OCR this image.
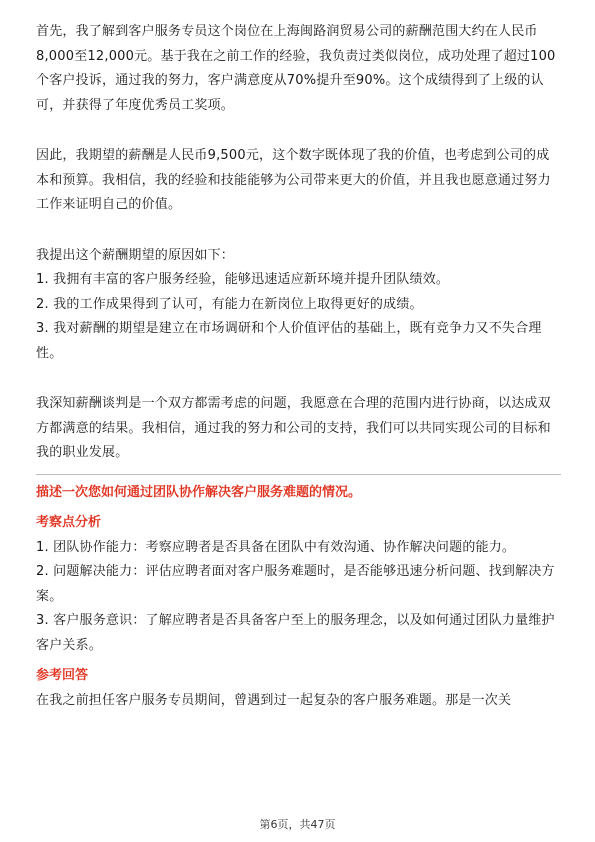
首先，我了解到客户服务专员这个岗位在上海闽路润贸易公司的薪酬范围大约在人民币8,000至12,000元。基于我在之前工作的经验，我负责过类似岗位，成功处理了超过100个客户投诉，通过我的努力，客户满意度从70%提升至90%。这个成绩得到了上级的认可，并获得了年度优秀员工奖项。

因此，我期望的薪酬是人民币9,500元，这个数字既体现了我的价值，也考虑到公司的成本和预算。我相信，我的经验和技能能够为公司带来更大的价值，并且我也愿意通过努力工作来证明自己的价值。

我提出这个薪酬期望的原因如下：

1. 我拥有丰富的客户服务经验，能够迅速适应新环境并提升团队绩效。

2. 我的工作成果得到了认可，有能力在新岗位上取得更好的成绩。

3. 我对薪酬的期望是建立在市场调研和个人价值评估的基础上，既有竞争力又不失合理性。

我深知薪酬谈判是一个双方都需考虑的问题，我愿意在合理的范围内进行协商，以达成双方都满意的结果。我相信，通过我的努力和公司的支持，我们可以共同实现公司的目标和我的职业发展。

描述一次您如何通过团队协作解决客户服务难题的情况。

考察点分析

1. 团队协作能力：考察应聘者是否具备在团队中有效沟通、协作解决问题的能力。

2. 问题解决能力：评估应聘者面对客户服务难题时，是否能够迅速分析问题、找到解决方案。

3. 客户服务意识：了解应聘者是否具备客户至上的服务理念，以及如何通过团队力量维护客户关系。

参考回答

在我之前担任客户服务专员期间，曾遇到过一起复杂的客户服务难题。那是一次关

第6页，共47页
